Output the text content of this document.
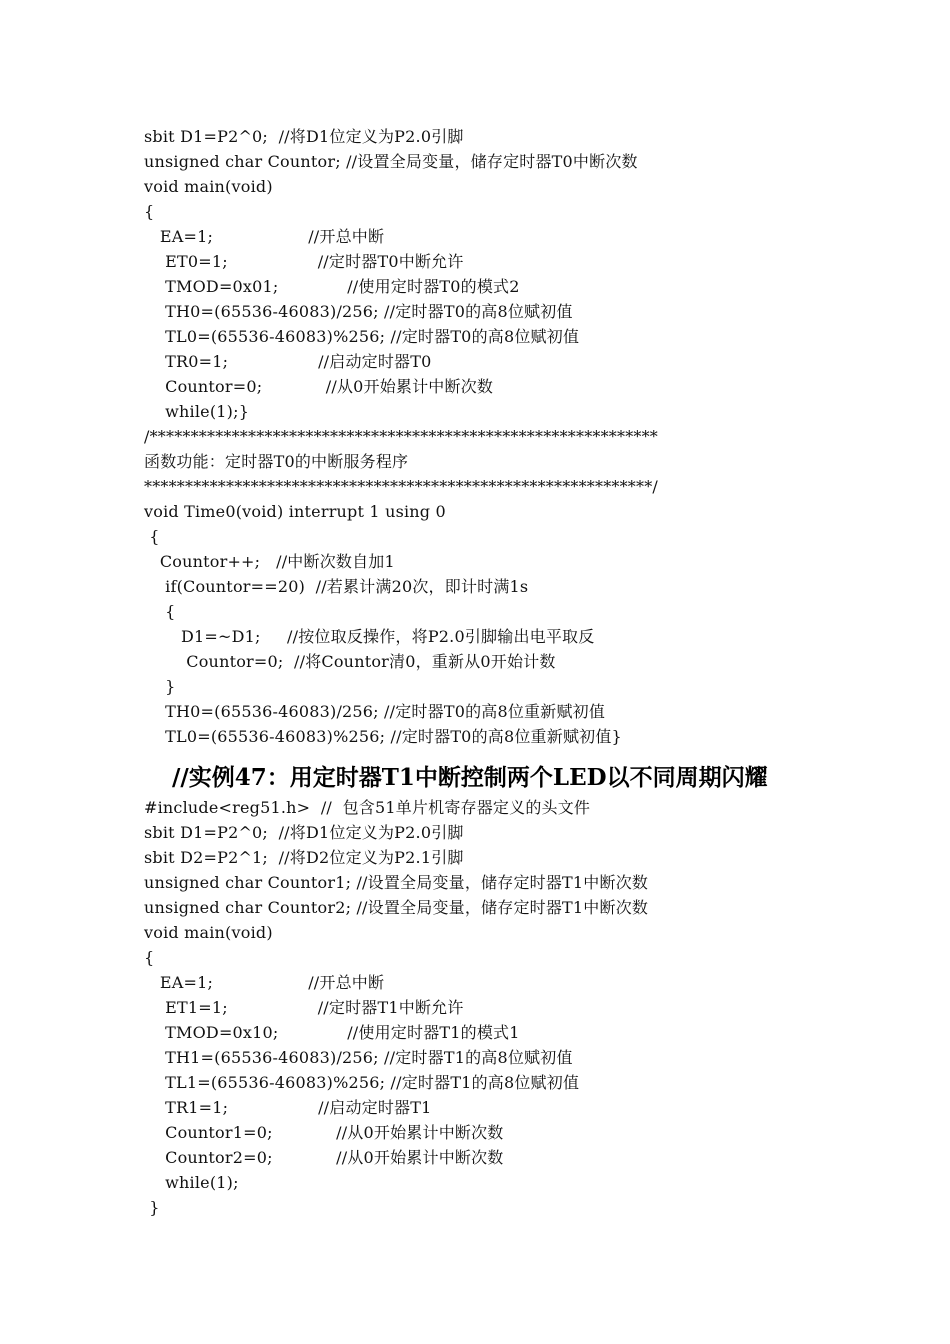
sbit D1=P2^0;  //将D1位定义为P2.0引脚
unsigned char Countor; //设置全局变量，储存定时器T0中断次数
void main(void)
{
EA=1;                  //开总中断
ET0=1;                 //定时器T0中断允许
TMOD=0x01;             //使用定时器T0的模式2
TH0=(65536-46083)/256; //定时器T0的高8位赋初值
TL0=(65536-46083)%256; //定时器T0的高8位赋初值
TR0=1;                 //启动定时器T0
Countor=0;            //从0开始累计中断次数
while(1);}
/**************************************************************
函数功能：定时器T0的中断服务程序
**************************************************************/
void Time0(void) interrupt 1 using 0
{
Countor++;   //中断次数自加1
if(Countor==20)  //若累计满20次，即计时满1s
{
D1=~D1;     //按位取反操作，将P2.0引脚输出电平取反
Countor=0;  //将Countor清0，重新从0开始计数
}
TH0=(65536-46083)/256; //定时器T0的高8位重新赋初值
TL0=(65536-46083)%256; //定时器T0的高8位重新赋初值}
//实例47：用定时器T1中断控制两个LED以不同周期闪耀
#include<reg51.h>  //  包含51单片机寄存器定义的头文件
sbit D1=P2^0;  //将D1位定义为P2.0引脚
sbit D2=P2^1;  //将D2位定义为P2.1引脚
unsigned char Countor1; //设置全局变量，储存定时器T1中断次数
unsigned char Countor2; //设置全局变量，储存定时器T1中断次数
void main(void)
{
EA=1;                  //开总中断
ET1=1;                 //定时器T1中断允许
TMOD=0x10;             //使用定时器T1的模式1
TH1=(65536-46083)/256; //定时器T1的高8位赋初值
TL1=(65536-46083)%256; //定时器T1的高8位赋初值
TR1=1;                 //启动定时器T1
Countor1=0;            //从0开始累计中断次数
Countor2=0;            //从0开始累计中断次数
while(1);
}
